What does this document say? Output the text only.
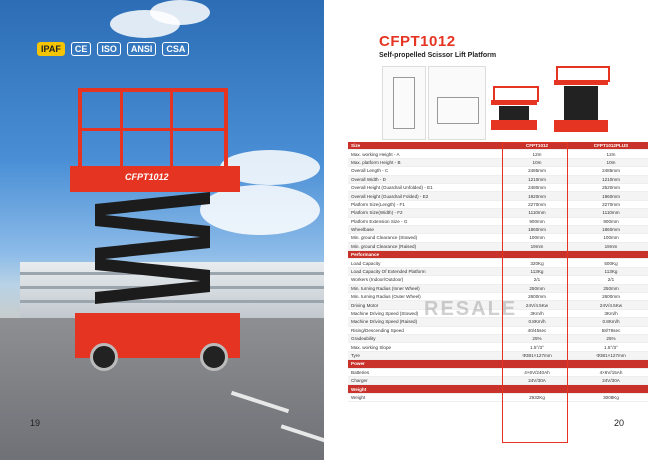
IPAF	CE	ISO	ANSI	CSA
CFPT1012
19
CFPT1012
Self-propelled Scissor Lift Platform
Size	CFPT1012	CFPT1012PLUS
Max. working Height - A	12m	12m
Max. platform Height - B	10m	10m
Overall Length - C	2485mm	2485mm
Overall Width - D	1210mm	1210mm
Overall Height (Guardrail Unfolded) - E1	2480mm	2520mm
Overall Height (Guardrail Folded) - E2	1920mm	1960mm
Platform Size(Length) - F1	2270mm	2270mm
Platform Size(Width) - F2	1110mm	1110mm
Platform Extension Size - G	900mm	900mm
Wheelbase	1860mm	1860mm
Min. ground Clearance (Stowed)	100mm	100mm
Min. ground Clearance (Raised)	19mm	19mm
Performance		
Load Capacity	320Kg	500Kg
Load Capacity Of Extended Platform	113Kg	113Kg
Workers (Indoor/Outdoor)	2/1	2/1
Min. turning Radius (Inner Wheel)	250mm	250mm
Min. turning Radius (Outer Wheel)	2600mm	2600mm
Driving Motor	24V/4.5Kw	24V/4.5Kw
Machine Driving Speed (Stowed)	3Km/h	3Km/h
Machine Driving Speed (Raised)	0.8Km/h	0.8Km/h
Rising/Descending Speed	40/45sec	58/78sec
Gradeability	25%	25%
Max. working Slope	1.5°/3°	1.5°/3°
Tyre	Φ381×127mm	Φ381×127mm
Power		
Batteries	4×6V/240Ah	4×6V/15Ah
Charger	24V/30A	24V/30A
Weight		
Weight	2932Kg	3008Kg
RESALE
20
